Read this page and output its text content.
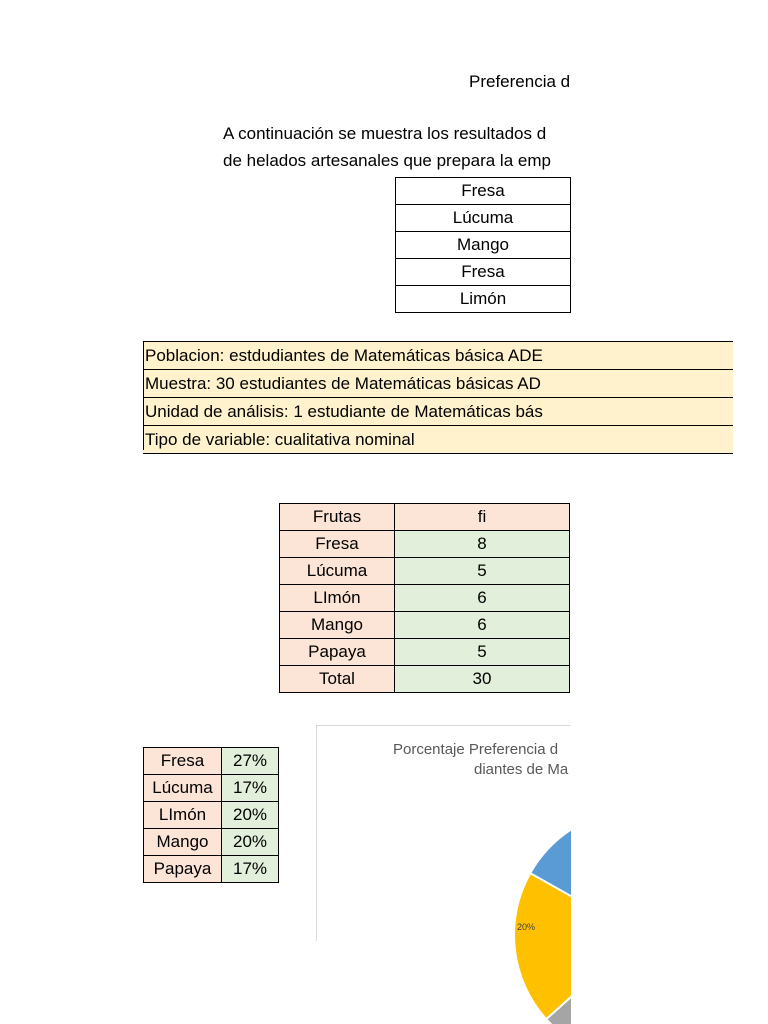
Preferencia d
A continuación se muestra los resultados d
de helados artesanales que prepara la emp
Fresa
Lúcuma
Mango
Fresa
Limón
Frutas	fi
Fresa	8
Lúcuma	5
LImón	6
Mango	6
Papaya	5
Total	30
Fresa	27%
Lúcuma	17%
LImón	20%
Mango	20%
Papaya	17%
Porcentaje Preferencia d
diantes de Ma
20%
Poblacion: estdudiantes de Matemáticas básica ADE
Muestra: 30 estudiantes de Matemáticas básicas AD
Unidad de análisis: 1 estudiante de Matemáticas bás
Tipo de variable: cualitativa nominal
